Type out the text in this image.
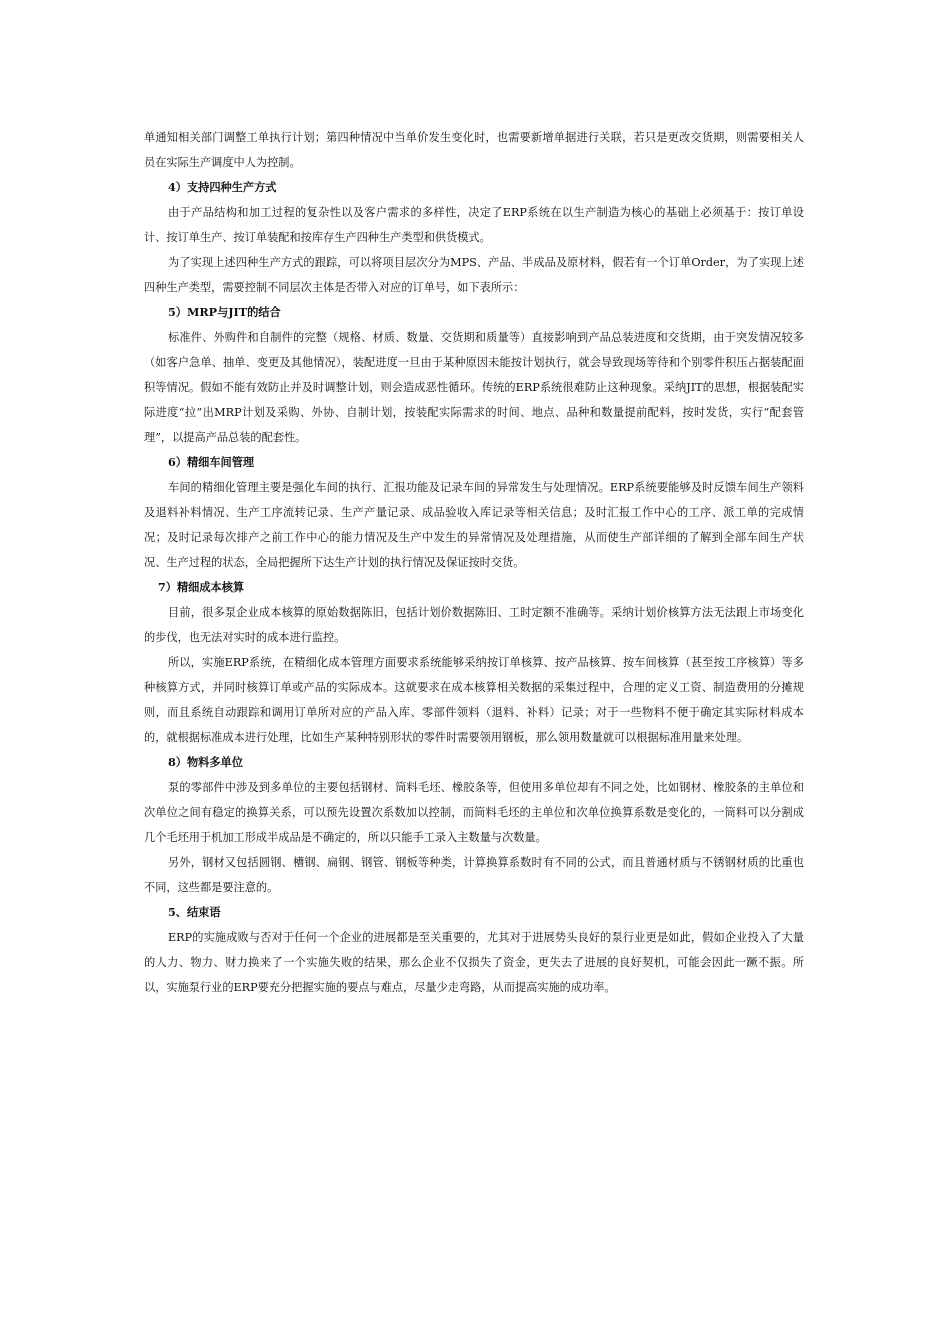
单通知相关部门调整工单执行计划；第四种情况中当单价发生变化时，也需要新增单据进行关联，若只是更改交货期，则需要相关人员在实际生产调度中人为控制。

4）支持四种生产方式

由于产品结构和加工过程的复杂性以及客户需求的多样性，决定了ERP系统在以生产制造为核心的基础上必须基于：按订单设计、按订单生产、按订单装配和按库存生产四种生产类型和供货模式。

为了实现上述四种生产方式的跟踪，可以将项目层次分为MPS、产品、半成品及原材料，假若有一个订单Order，为了实现上述四种生产类型，需要控制不同层次主体是否带入对应的订单号，如下表所示：

5）MRP与JIT的结合

标准件、外购件和自制件的完整（规格、材质、数量、交货期和质量等）直接影响到产品总装进度和交货期，由于突发情况较多（如客户急单、抽单、变更及其他情况），装配进度一旦由于某种原因未能按计划执行，就会导致现场等待和个别零件积压占据装配面积等情况。假如不能有效防止并及时调整计划，则会造成恶性循环。传统的ERP系统很难防止这种现象。采纳JIT的思想，根据装配实际进度“拉”出MRP计划及采购、外协、自制计划，按装配实际需求的时间、地点、品种和数量提前配料，按时发货，实行“配套管理”，以提高产品总装的配套性。

6）精细车间管理

车间的精细化管理主要是强化车间的执行、汇报功能及记录车间的异常发生与处理情况。ERP系统要能够及时反馈车间生产领料及退料补料情况、生产工序流转记录、生产产量记录、成品验收入库记录等相关信息；及时汇报工作中心的工序、派工单的完成情况；及时记录每次排产之前工作中心的能力情况及生产中发生的异常情况及处理措施，从而使生产部详细的了解到全部车间生产状况、生产过程的状态，全局把握所下达生产计划的执行情况及保证按时交货。

7）精细成本核算

目前，很多泵企业成本核算的原始数据陈旧，包括计划价数据陈旧、工时定额不准确等。采纳计划价核算方法无法跟上市场变化的步伐，也无法对实时的成本进行监控。

所以，实施ERP系统，在精细化成本管理方面要求系统能够采纳按订单核算、按产品核算、按车间核算（甚至按工序核算）等多种核算方式，并同时核算订单或产品的实际成本。这就要求在成本核算相关数据的采集过程中，合理的定义工资、制造费用的分摊规则，而且系统自动跟踪和调用订单所对应的产品入库、零部件领料（退料、补料）记录；对于一些物料不便于确定其实际材料成本的，就根据标准成本进行处理，比如生产某种特别形状的零件时需要领用钢板，那么领用数量就可以根据标准用量来处理。

8）物料多单位

泵的零部件中涉及到多单位的主要包括钢材、筒料毛坯、橡胶条等，但使用多单位却有不同之处，比如钢材、橡胶条的主单位和次单位之间有稳定的换算关系，可以预先设置次系数加以控制，而筒料毛坯的主单位和次单位换算系数是变化的，一筒料可以分割成几个毛坯用于机加工形成半成品是不确定的，所以只能手工录入主数量与次数量。

另外，钢材又包括圆钢、槽钢、扁钢、钢管、钢板等种类，计算换算系数时有不同的公式，而且普通材质与不锈钢材质的比重也不同，这些都是要注意的。

5、结束语

ERP的实施成败与否对于任何一个企业的进展都是至关重要的，尤其对于进展势头良好的泵行业更是如此，假如企业投入了大量的人力、物力、财力换来了一个实施失败的结果，那么企业不仅损失了资金，更失去了进展的良好契机，可能会因此一蹶不振。所以，实施泵行业的ERP要充分把握实施的要点与难点，尽量少走弯路，从而提高实施的成功率。
